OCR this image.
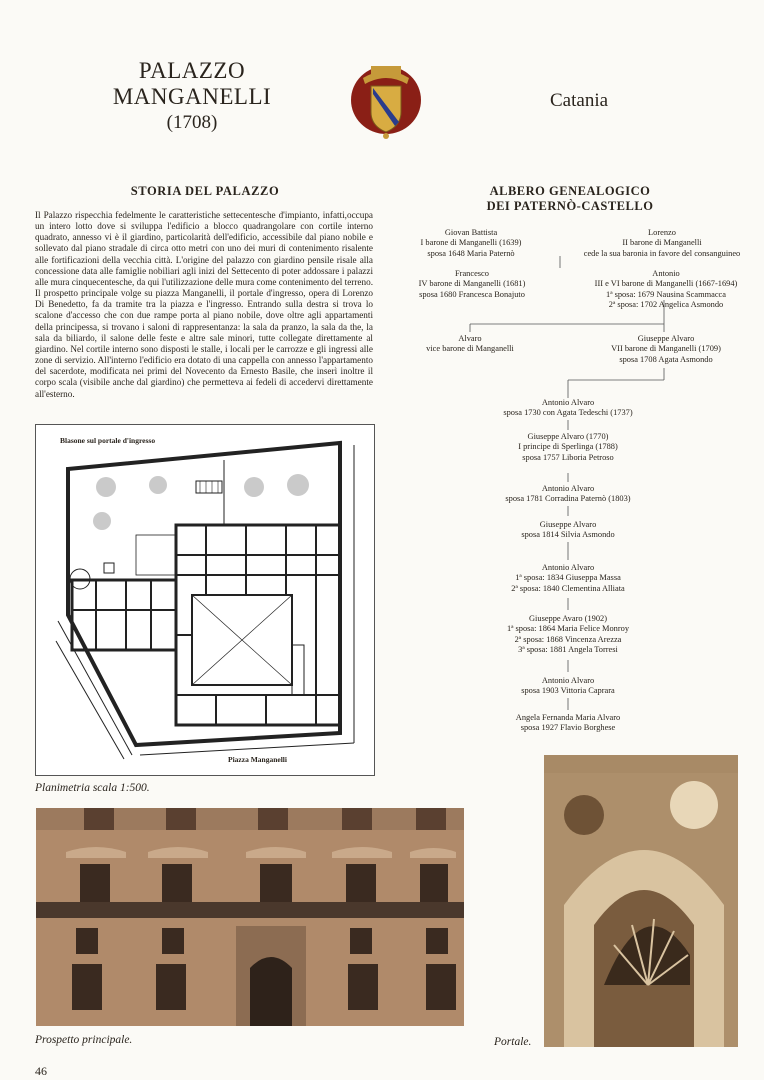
PALAZZO
MANGANELLI
(1708)
Catania
STORIA DEL PALAZZO
Il Palazzo rispecchia fedelmente le caratteristiche settecentesche d'impianto, infatti,occupa un intero lotto dove si sviluppa l'edificio a blocco quadrangolare con cortile interno quadrato, annesso vi è il giardino, particolarità dell'edificio, accessibile dal piano nobile e sollevato dal piano stradale di circa otto metri con uno dei muri di contenimento risalente alle fortificazioni della vecchia città. L'origine del palazzo con giardino pensile risale alla concessione data alle famiglie nobiliari agli inizi del Settecento di poter addossare i palazzi alle mura cinquecentesche, da qui l'utilizzazione delle mura come contenimento del terreno. Il prospetto principale volge su piazza Manganelli, il portale d'ingresso, opera di Lorenzo Di Benedetto, fa da tramite tra la piazza e l'ingresso. Entrando sulla destra si trova lo scalone d'accesso che con due rampe porta al piano nobile, dove oltre agli appartamenti della principessa, si trovano i saloni di rappresentanza: la sala da pranzo, la sala da the, la sala da biliardo, il salone delle feste e altre sale minori, tutte collegate direttamente al giardino. Nel cortile interno sono disposti le stalle, i locali per le carrozze e gli ingressi alle zone di servizio. All'interno l'edificio era dotato di una cappella con annesso l'appartamento del sacerdote, modificata nei primi del Novecento da Ernesto Basile, che inserì inoltre il corpo scala (visibile anche dal giardino) che permetteva ai fedeli di accedervi direttamente all'esterno.
ALBERO GENEALOGICO
DEI PATERNÒ-CASTELLO
Giovan Battista
I barone di Manganelli (1639)
sposa 1648 Maria Paternò
Lorenzo
II barone di Manganelli
cede la sua baronia in favore del consanguineo
Francesco
IV barone di Manganelli (1681)
sposa 1680 Francesca Bonajuto
Antonio
III e VI barone di Manganelli (1667-1694)
1ª sposa: 1679 Nausina Scammacca
2ª sposa: 1702 Angelica Asmondo
Alvaro
vice barone di Manganelli
Giuseppe Alvaro
VII barone di Manganelli (1709)
sposa 1708 Agata Asmondo
Antonio Alvaro
sposa 1730 con Agata Tedeschi (1737)
Giuseppe Alvaro (1770)
I principe di Sperlinga (1788)
sposa 1757 Liboria Petroso
Antonio Alvaro
sposa 1781 Corradina Paternò (1803)
Giuseppe Alvaro
sposa 1814 Silvia Asmondo
Antonio Alvaro
1ª sposa: 1834 Giuseppa Massa
2ª sposa: 1840 Clementina Alliata
Giuseppe Avaro (1902)
1ª sposa: 1864 Maria Felice Monroy
2ª sposa: 1868 Vincenza Arezza
3ª sposa: 1881 Angela Torresi
Antonio Alvaro
sposa 1903 Vittoria Caprara
Angela Fernanda Maria Alvaro
sposa 1927 Flavio Borghese
Blasone sul portale d'ingresso
Piazza Manganelli
Planimetria scala 1:500.
Prospetto principale.	Portale.
46
